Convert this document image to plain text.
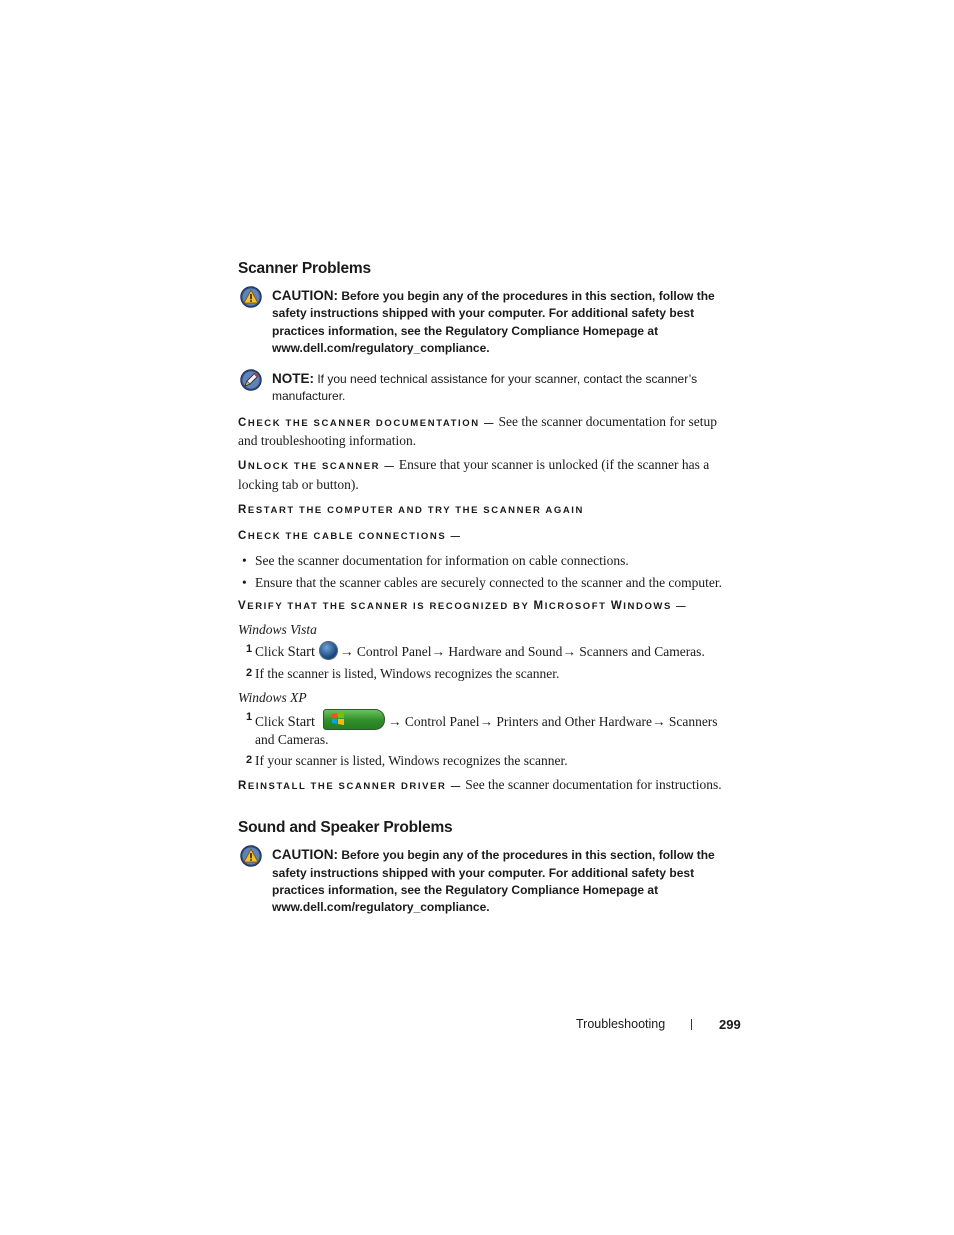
Scanner Problems
CAUTION: Before you begin any of the procedures in this section, follow the safety instructions shipped with your computer. For additional safety best practices information, see the Regulatory Compliance Homepage at www.dell.com/regulatory_compliance.
NOTE: If you need technical assistance for your scanner, contact the scanner’s manufacturer.
CHECK THE SCANNER DOCUMENTATION — See the scanner documentation for setup and troubleshooting information.
UNLOCK THE SCANNER — Ensure that your scanner is unlocked (if the scanner has a locking tab or button).
RESTART THE COMPUTER AND TRY THE SCANNER AGAIN
CHECK THE CABLE CONNECTIONS —
• See the scanner documentation for information on cable connections.
• Ensure that the scanner cables are securely connected to the scanner and the computer.
VERIFY THAT THE SCANNER IS RECOGNIZED BY MICROSOFT WINDOWS —
Windows Vista
1 Click Start → Control Panel→ Hardware and Sound→ Scanners and Cameras.
2 If the scanner is listed, Windows recognizes the scanner.
Windows XP
1 Click Start	→ Control Panel→ Printers and Other Hardware→ Scanners and Cameras.
2 If your scanner is listed, Windows recognizes the scanner.
REINSTALL THE SCANNER DRIVER — See the scanner documentation for instructions.
Sound and Speaker Problems
CAUTION: Before you begin any of the procedures in this section, follow the safety instructions shipped with your computer. For additional safety best practices information, see the Regulatory Compliance Homepage at www.dell.com/regulatory_compliance.
Troubleshooting	299
